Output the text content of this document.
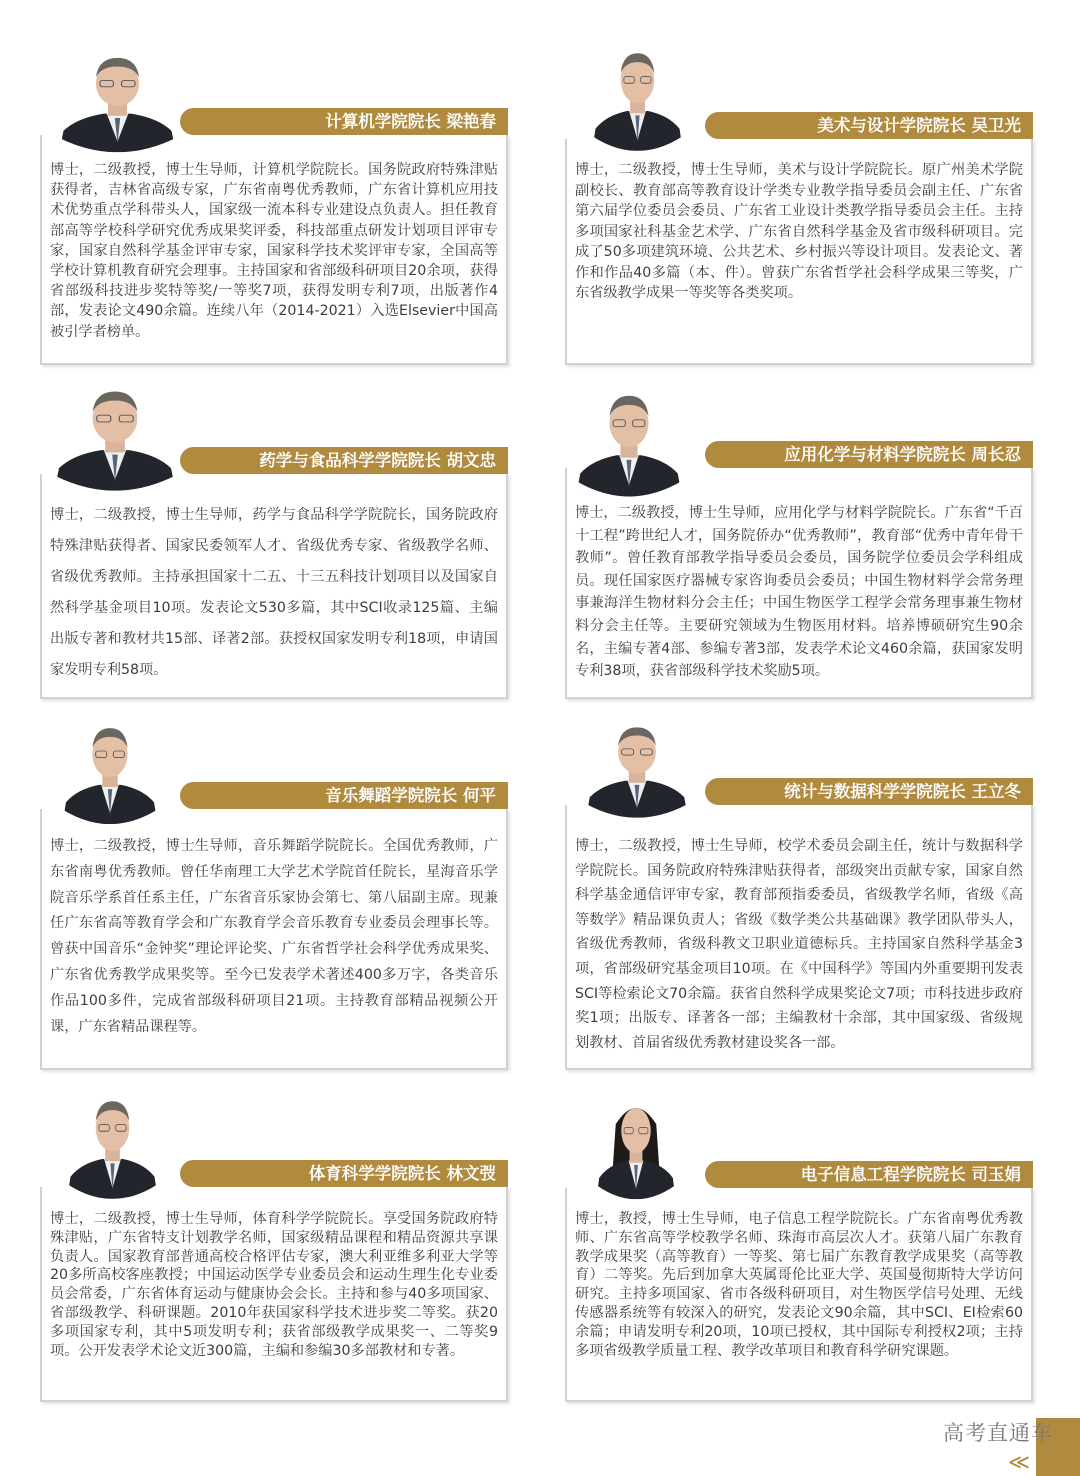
计算机学院院长 梁艳春
博士，二级教授，博士生导师，计算机学院院长。国务院政府特殊津贴获得者，吉林省高级专家，广东省南粤优秀教师，广东省计算机应用技术优势重点学科带头人，国家级一流本科专业建设点负责人。担任教育部高等学校科学研究优秀成果奖评委，科技部重点研发计划项目评审专家，国家自然科学基金评审专家，国家科学技术奖评审专家，全国高等学校计算机教育研究会理事。主持国家和省部级科研项目20余项，获得省部级科技进步奖特等奖/一等奖7项，获得发明专利7项，出版著作4部，发表论文490余篇。连续八年（2014-2021）入选Elsevier中国高被引学者榜单。
美术与设计学院院长 吴卫光
博士，二级教授，博士生导师，美术与设计学院院长。原广州美术学院副校长、教育部高等教育设计学类专业教学指导委员会副主任、广东省第六届学位委员会委员、广东省工业设计类教学指导委员会主任。主持多项国家社科基金艺术学、广东省自然科学基金及省市级科研项目。完成了50多项建筑环境、公共艺术、乡村振兴等设计项目。发表论文、著作和作品40多篇（本、件）。曾获广东省哲学社会科学成果三等奖，广东省级教学成果一等奖等各类奖项。
药学与食品科学学院院长 胡文忠
博士，二级教授，博士生导师，药学与食品科学学院院长，国务院政府特殊津贴获得者、国家民委领军人才、省级优秀专家、省级教学名师、省级优秀教师。主持承担国家十二五、十三五科技计划项目以及国家自然科学基金项目10项。发表论文530多篇，其中SCI收录125篇、主编出版专著和教材共15部、译著2部。获授权国家发明专利18项，申请国家发明专利58项。
应用化学与材料学院院长 周长忍
博士，二级教授，博士生导师，应用化学与材料学院院长。广东省“千百十工程”跨世纪人才，国务院侨办“优秀教师”，教育部“优秀中青年骨干教师”。曾任教育部教学指导委员会委员，国务院学位委员会学科组成员。现任国家医疗器械专家咨询委员会委员；中国生物材料学会常务理事兼海洋生物材料分会主任；中国生物医学工程学会常务理事兼生物材料分会主任等。主要研究领域为生物医用材料。培养博硕研究生90余名，主编专著4部、参编专著3部，发表学术论文460余篇，获国家发明专利38项，获省部级科学技术奖励5项。
音乐舞蹈学院院长 何平
博士，二级教授，博士生导师，音乐舞蹈学院院长。全国优秀教师，广东省南粤优秀教师。曾任华南理工大学艺术学院首任院长，星海音乐学院音乐学系首任系主任，广东省音乐家协会第七、第八届副主席。现兼任广东省高等教育学会和广东教育学会音乐教育专业委员会理事长等。曾获中国音乐“金钟奖”理论评论奖、广东省哲学社会科学优秀成果奖、广东省优秀教学成果奖等。至今已发表学术著述400多万字，各类音乐作品100多件，完成省部级科研项目21项。主持教育部精品视频公开课，广东省精品课程等。
统计与数据科学学院院长 王立冬
博士，二级教授，博士生导师，校学术委员会副主任，统计与数据科学学院院长。国务院政府特殊津贴获得者，部级突出贡献专家，国家自然科学基金通信评审专家，教育部预指委委员，省级教学名师，省级《高等数学》精品课负责人；省级《数学类公共基础课》教学团队带头人，省级优秀教师，省级科教文卫职业道德标兵。主持国家自然科学基金3项，省部级研究基金项目10项。在《中国科学》等国内外重要期刊发表SCI等检索论文70余篇。获省自然科学成果奖论文7项；市科技进步政府奖1项；出版专、译著各一部；主编教材十余部，其中国家级、省级规划教材、首届省级优秀教材建设奖各一部。
体育科学学院院长 林文弢
博士，二级教授，博士生导师，体育科学学院院长。享受国务院政府特殊津贴，广东省特支计划教学名师，国家级精品课程和精品资源共享课负责人。国家教育部普通高校合格评估专家，澳大利亚维多利亚大学等20多所高校客座教授；中国运动医学专业委员会和运动生理生化专业委员会常委，广东省体育运动与健康协会会长。主持和参与40多项国家、省部级教学、科研课题。2010年获国家科学技术进步奖二等奖。获20多项国家专利，其中5项发明专利；获省部级教学成果奖一、二等奖9项。公开发表学术论文近300篇，主编和参编30多部教材和专著。
电子信息工程学院院长 司玉娟
博士，教授，博士生导师，电子信息工程学院院长。广东省南粤优秀教师、广东省高等学校教学名师、珠海市高层次人才。获第八届广东教育教学成果奖（高等教育）一等奖、第七届广东教育教学成果奖（高等教育）二等奖。先后到加拿大英属哥伦比亚大学、英国曼彻斯特大学访问研究。主持多项国家、省市各级科研项目，对生物医学信号处理、无线传感器系统等有较深入的研究，发表论文90余篇，其中SCI、EI检索60余篇；申请发明专利20项，10项已授权，其中国际专利授权2项；主持多项省级教学质量工程、教学改革项目和教育科学研究课题。
高考直通车
≪
